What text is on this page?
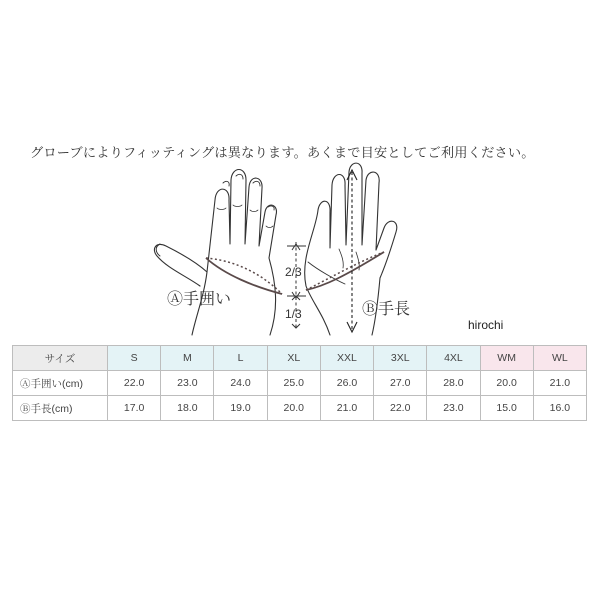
グローブによりフィッティングは異なります。あくまで目安としてご利用ください。
2/3
1/3
Ⓐ手囲い
Ⓑ手長
hirochi
サイズ	S	M	L	XL	XXL	3XL	4XL	WM	WL
Ⓐ手囲い(cm)	22.0	23.0	24.0	25.0	26.0	27.0	28.0	20.0	21.0
Ⓑ手長(cm)	17.0	18.0	19.0	20.0	21.0	22.0	23.0	15.0	16.0
